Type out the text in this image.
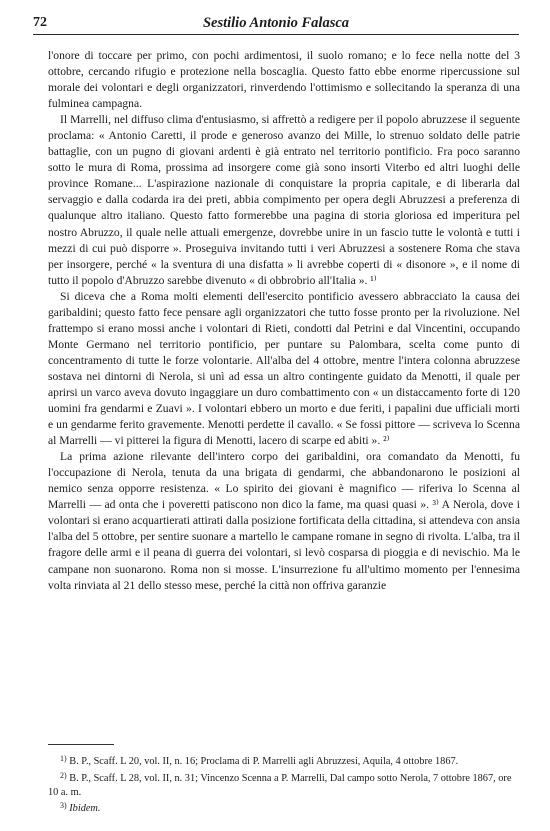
72	Sestilio Antonio Falasca

l'onore di toccare per primo, con pochi ardimentosi, il suolo romano; e lo fece nella notte del 3 ottobre, cercando rifugio e protezione nella boscaglia. Questo fatto ebbe enorme ripercussione sul morale dei volontari e degli organizzatori, rinverdendo l'ottimismo e sollecitando la speranza di una fulminea campagna.

Il Marrelli, nel diffuso clima d'entusiasmo, si affrettò a redigere per il popolo abruzzese il seguente proclama: « Antonio Caretti, il prode e generoso avanzo dei Mille, lo strenuo soldato delle patrie battaglie, con un pugno di giovani ardenti è già entrato nel territorio pontificio. Fra poco saranno sotto le mura di Roma, prossima ad insorgere come già sono insorti Viterbo ed altri luoghi delle province Romane... L'aspirazione nazionale di conquistare la propria capitale, e di liberarla dal servaggio e dalla codarda ira dei preti, abbia compimento per opera degli Abruzzesi a preferenza di qualunque altro italiano. Questo fatto formerebbe una pagina di storia gloriosa ed imperitura pel nostro Abruzzo, il quale nelle attuali emergenze, dovrebbe unire in un fascio tutte le volontà e tutti i mezzi di cui può disporre ». Proseguiva invitando tutti i veri Abruzzesi a sostenere Roma che stava per insorgere, perché « la sventura di una disfatta » li avrebbe coperti di « disonore », e il nome di tutto il popolo d'Abruzzo sarebbe divenuto « di obbrobrio all'Italia ». ¹⁾

Si diceva che a Roma molti elementi dell'esercito pontificio avessero abbracciato la causa dei garibaldini; questo fatto fece pensare agli organizzatori che tutto fosse pronto per la rivoluzione. Nel frattempo si erano mossi anche i volontari di Rieti, condotti dal Petrini e dal Vincentini, occupando Monte Germano nel territorio pontificio, per puntare su Palombara, scelta come punto di concentramento di tutte le forze volontarie. All'alba del 4 ottobre, mentre l'intera colonna abruzzese sostava nei dintorni di Nerola, si unì ad essa un altro contingente guidato da Menotti, il quale per aprirsi un varco aveva dovuto ingaggiare un duro combattimento con « un distaccamento forte di 120 uomini fra gendarmi e Zuavi ». I volontari ebbero un morto e due feriti, i papalini due ufficiali morti e un gendarme ferito gravemente. Menotti perdette il cavallo. « Se fossi pittore — scriveva lo Scenna al Marrelli — vi pitterei la figura di Menotti, lacero di scarpe ed abiti ». ²⁾

La prima azione rilevante dell'intero corpo dei garibaldini, ora comandato da Menotti, fu l'occupazione di Nerola, tenuta da una brigata di gendarmi, che abbandonarono le posizioni al nemico senza opporre resistenza. « Lo spirito dei giovani è magnifico — riferiva lo Scenna al Marrelli — ad onta che i poveretti patiscono non dico la fame, ma quasi quasi ». ³⁾ A Nerola, dove i volontari si erano acquartierati attirati dalla posizione fortificata della cittadina, si attendeva con ansia l'alba del 5 ottobre, per sentire suonare a martello le campane romane in segno di rivolta. L'alba, tra il fragore delle armi e il peana di guerra dei volontari, si levò cosparsa di pioggia e di nevischio. Ma le campane non suonarono. Roma non si mosse. L'insurrezione fu all'ultimo momento per l'ennesima volta rinviata al 21 dello stesso mese, perché la città non offriva garanzie

$^{1)}$ B. P., Scaff. L 20, vol. II, n. 16; Proclama di P. Marrelli agli Abruzzesi, Aquila, 4 ottobre 1867.

$^{2)}$ B. P., Scaff. L 28, vol. II, n. 31; Vincenzo Scenna a P. Marrelli, Dal campo sotto Nerola, 7 ottobre 1867, ore 10 a. m.

$^{3)}$ Ibidem.
